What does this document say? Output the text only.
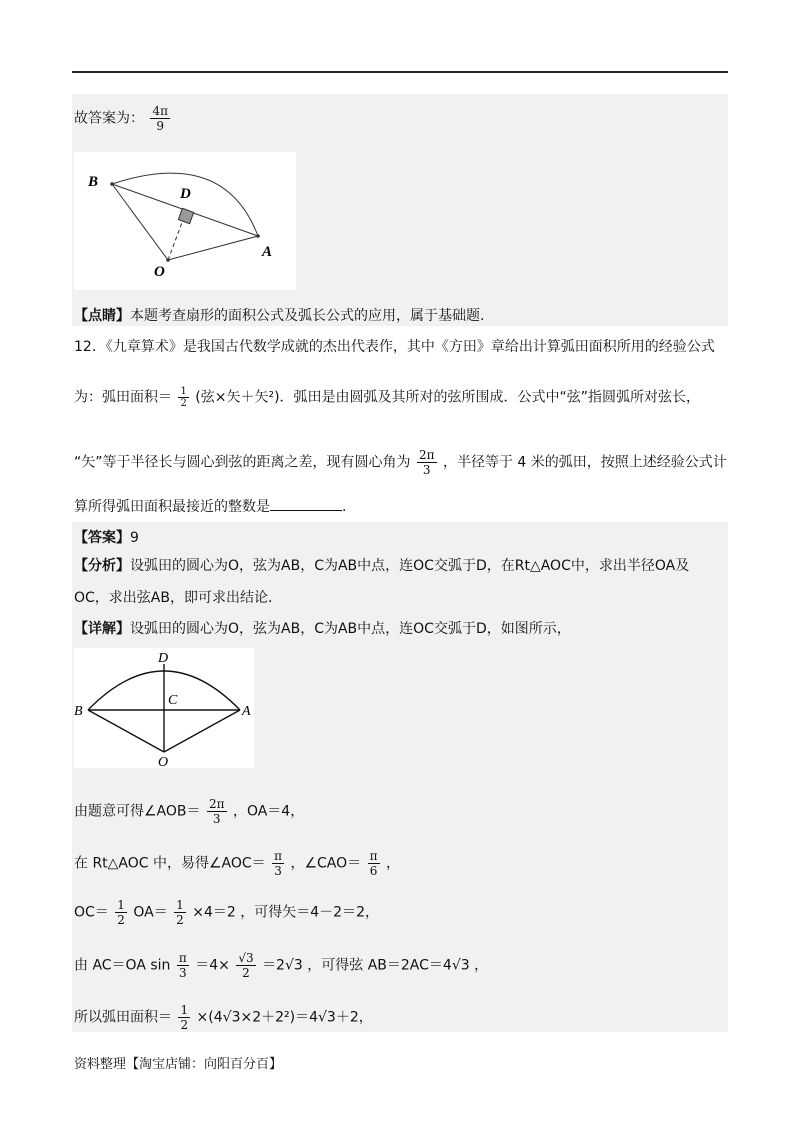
故答案为： $\frac{4\pi}{9}$
B
D
A
O
【点睛】本题考查扇形的面积公式及弧长公式的应用，属于基础题.
12．《九章算术》是我国古代数学成就的杰出代表作，其中《方田》章给出计算弧田面积所用的经验公式
为：弧田面积＝ $\frac{1}{2}$ (弦×矢＋矢²)．弧田是由圆弧及其所对的弦所围成．公式中“弦”指圆弧所对弦长，
“矢”等于半径长与圆心到弦的距离之差，现有圆心角为 $\frac{2\pi}{3}$ ，半径等于 4 米的弧田，按照上述经验公式计
算所得弧田面积最接近的整数是	.
【答案】9
【分析】设弧田的圆心为O，弦为AB，C为AB中点，连OC交弧于D，在Rt△AOC中，求出半径OA及
OC，求出弦AB，即可求出结论．
【详解】设弧田的圆心为O，弦为AB，C为AB中点，连OC交弧于D，如图所示，
D
C
B	A
O
由题意可得∠AOB＝ $\frac{2\pi}{3}$ ，OA＝4，
在 Rt△AOC 中，易得∠AOC＝ $\frac{\pi}{3}$ ，∠CAO＝ $\frac{\pi}{6}$ ，
$OC= \frac{1}{2} OA= \frac{1}{2} \times 4=2$ ，可得矢＝4－2＝2，
由 AC＝OA $\sin \frac{\pi}{3} =4\times \frac{√3}{2} =2√3$ ，可得弦 AB＝2AC＝4√3 ，
所以弧田面积＝ $\frac{1}{2} \times(4√3\times 2+2^2)=4√3+2$，
资料整理【淘宝店铺：向阳百分百】
